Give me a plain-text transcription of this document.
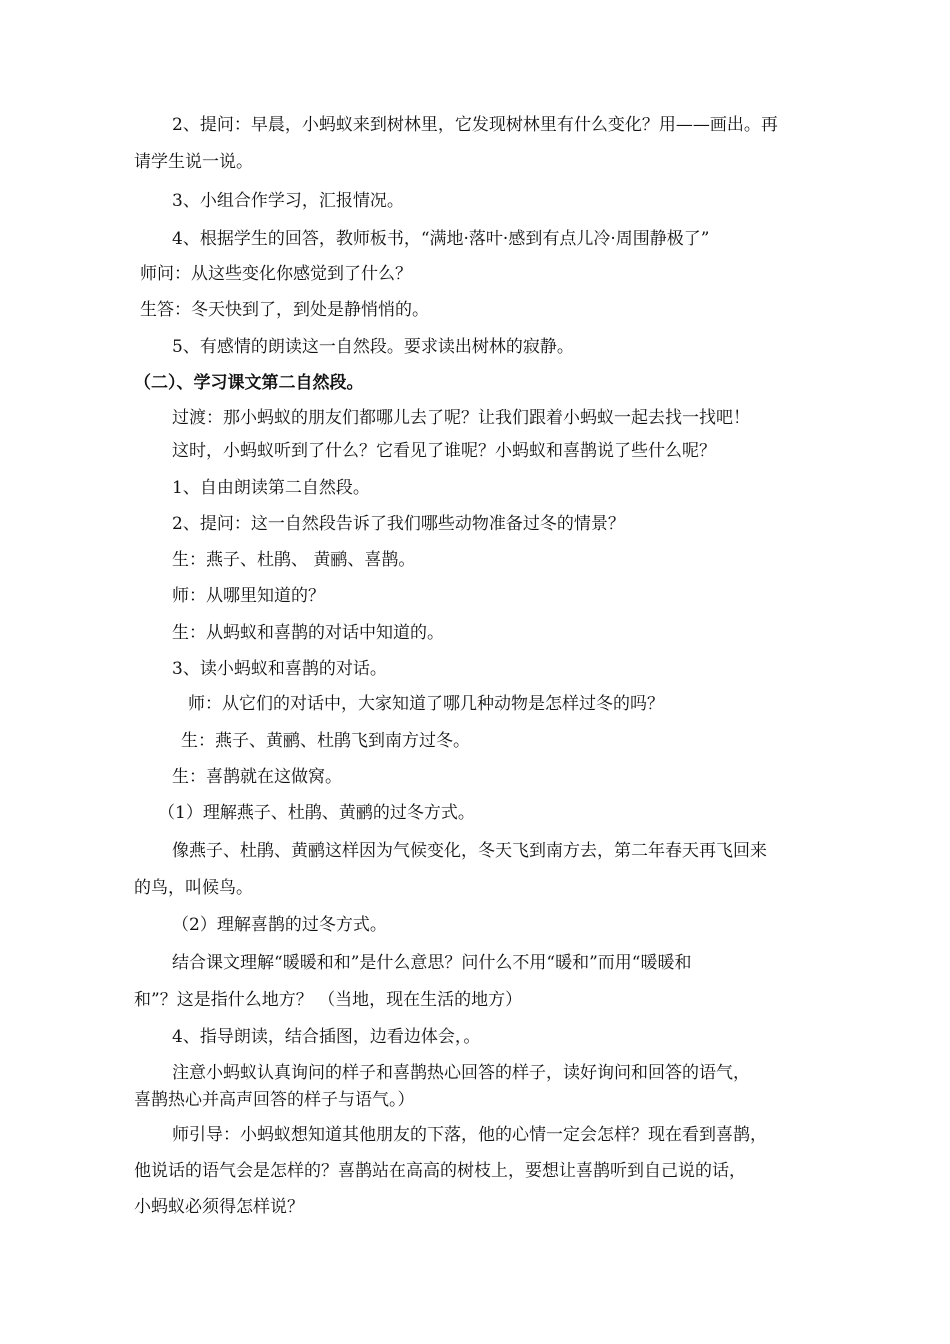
2、提问：早晨，小蚂蚁来到树林里，它发现树林里有什么变化？用——画出。再
请学生说一说。
3、小组合作学习，汇报情况。
4、根据学生的回答，教师板书，“满地·落叶·感到有点儿冷·周围静极了”
师问：从这些变化你感觉到了什么？
生答：冬天快到了，到处是静悄悄的。
5、有感情的朗读这一自然段。要求读出树林的寂静。
（二）、学习课文第二自然段。
过渡：那小蚂蚁的朋友们都哪儿去了呢？让我们跟着小蚂蚁一起去找一找吧！
这时，小蚂蚁听到了什么？它看见了谁呢？小蚂蚁和喜鹊说了些什么呢？
1、自由朗读第二自然段。
2、提问：这一自然段告诉了我们哪些动物准备过冬的情景？
生：燕子、杜鹃、 黄鹂、喜鹊。
师：从哪里知道的？
生：从蚂蚁和喜鹊的对话中知道的。
3、读小蚂蚁和喜鹊的对话。
师：从它们的对话中，大家知道了哪几种动物是怎样过冬的吗？
生：燕子、黄鹂、杜鹃飞到南方过冬。
生：喜鹊就在这做窝。
（1）理解燕子、杜鹃、黄鹂的过冬方式。
像燕子、杜鹃、黄鹂这样因为气候变化，冬天飞到南方去，第二年春天再飞回来
的鸟，叫候鸟。
（2）理解喜鹊的过冬方式。
结合课文理解“暖暖和和”是什么意思？问什么不用“暖和”而用“暖暖和
和”？这是指什么地方？ （当地，现在生活的地方）
4、指导朗读，结合插图，边看边体会，。
注意小蚂蚁认真询问的样子和喜鹊热心回答的样子，读好询问和回答的语气，
喜鹊热心并高声回答的样子与语气。）
师引导：小蚂蚁想知道其他朋友的下落，他的心情一定会怎样？现在看到喜鹊，
他说话的语气会是怎样的？喜鹊站在高高的树枝上，要想让喜鹊听到自己说的话，
小蚂蚁必须得怎样说？
